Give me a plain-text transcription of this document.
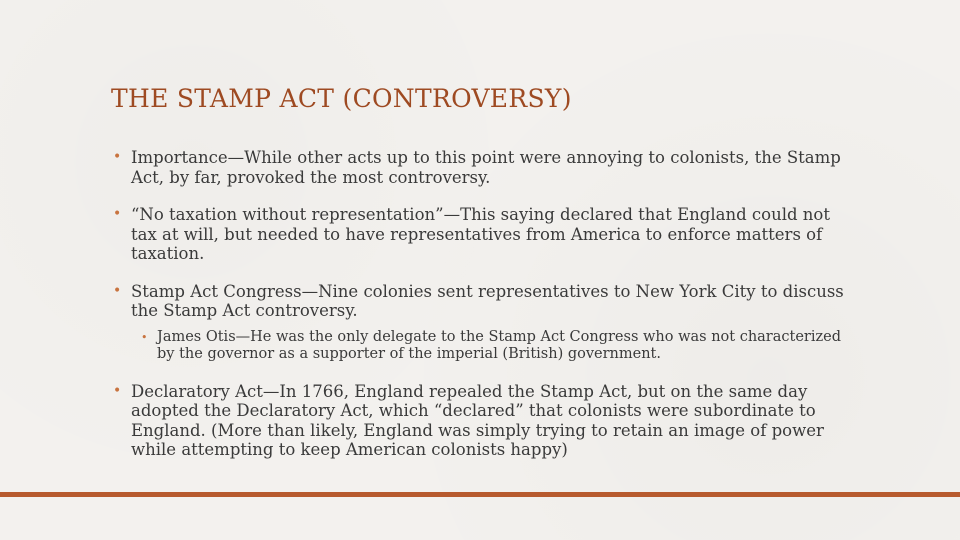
THE STAMP ACT (CONTROVERSY)
• Importance—While other acts up to this point were annoying to colonists, the Stamp Act, by far, provoked the most controversy.
• “No taxation without representation”—This saying declared that England could not tax at will, but needed to have representatives from America to enforce matters of taxation.
• Stamp Act Congress—Nine colonies sent representatives to New York City to discuss the Stamp Act controversy.
• James Otis—He was the only delegate to the Stamp Act Congress who was not characterized by the governor as a supporter of the imperial (British) government.
• Declaratory Act—In 1766, England repealed the Stamp Act, but on the same day adopted the Declaratory Act, which “declared” that colonists were subordinate to England. (More than likely, England was simply trying to retain an image of power while attempting to keep American colonists happy)
